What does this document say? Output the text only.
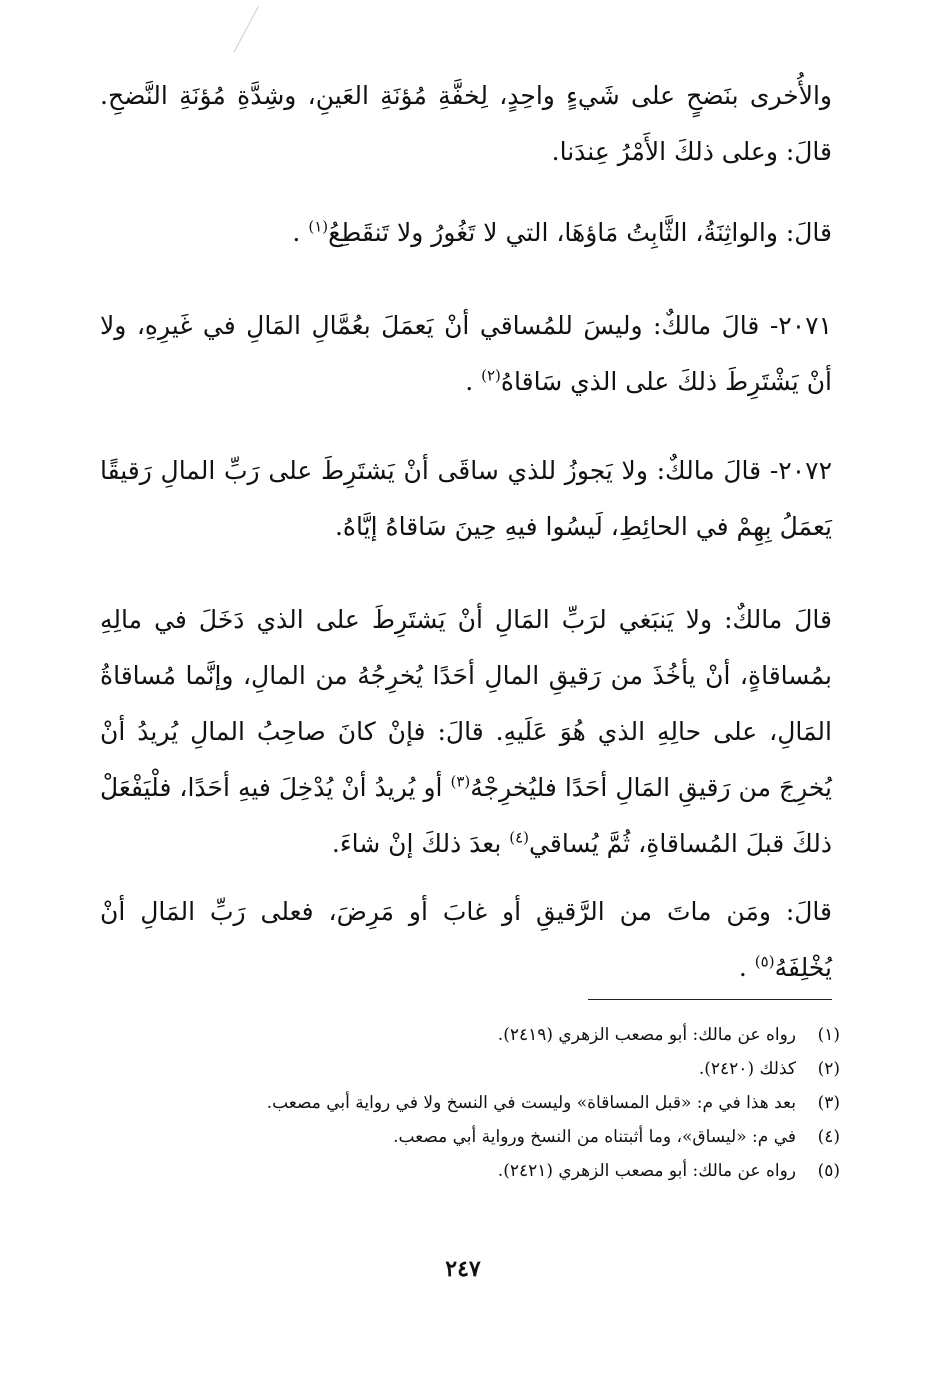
والأُخرى بنَضحٍ على شَيءٍ واحِدٍ، لِخفَّةِ مُؤنَةِ العَينِ، وشِدَّةِ مُؤنَةِ النَّضحِ. قالَ: وعلى ذلكَ الأَمْرُ عِندَنا.

قالَ: والواثِنَةُ، الثَّابِتُ مَاؤهَا، التي لا تَغُورُ ولا تَنقَطِعُ$^{(١)}$ .

٢٠٧١- قالَ مالكٌ: وليسَ للمُساقي أنْ يَعمَلَ بعُمَّالِ المَالِ في غَيرِهِ، ولا أنْ يَشْتَرِطَ ذلكَ على الذي سَاقاهُ$^{(٢)}$ .

٢٠٧٢- قالَ مالكٌ: ولا يَجوزُ للذي ساقَى أنْ يَشتَرِطَ على رَبِّ المالِ رَقيقًا يَعمَلُ بِهِمْ في الحائِطِ، لَيسُوا فيهِ حِينَ سَاقاهُ إيَّاهُ.

قالَ مالكٌ: ولا يَنبَغي لرَبِّ المَالِ أنْ يَشتَرِطَ على الذي دَخَلَ في مالِهِ بمُساقاةٍ، أنْ يأخُذَ من رَقيقِ المالِ أحَدًا يُخرِجُهُ من المالِ، وإنَّما مُساقاةُ المَالِ، على حالِهِ الذي هُوَ عَلَيهِ. قالَ: فإنْ كانَ صاحِبُ المالِ يُريدُ أنْ يُخرِجَ من رَقيقِ المَالِ أحَدًا فليُخرِجْهُ$^{(٣)}$ أو يُريدُ أنْ يُدْخِلَ فيهِ أحَدًا، فلْيَفْعَلْ ذلكَ قبلَ المُساقاةِ، ثُمَّ يُساقي$^{(٤)}$ بعدَ ذلكَ إنْ شاءَ.

قالَ: ومَن ماتَ من الرَّقيقِ أو غابَ أو مَرِضَ، فعلى رَبِّ المَالِ أنْ يُخْلِفَهُ$^{(٥)}$ .

(١)رواه عن مالك: أبو مصعب الزهري (٢٤١٩).
(٢)كذلك (٢٤٢٠).
(٣)بعد هذا في م: «قبل المساقاة» وليست في النسخ ولا في رواية أبي مصعب.
(٤)في م: «ليساق»، وما أثبتناه من النسخ ورواية أبي مصعب.
(٥)رواه عن مالك: أبو مصعب الزهري (٢٤٢١).
٢٤٧
